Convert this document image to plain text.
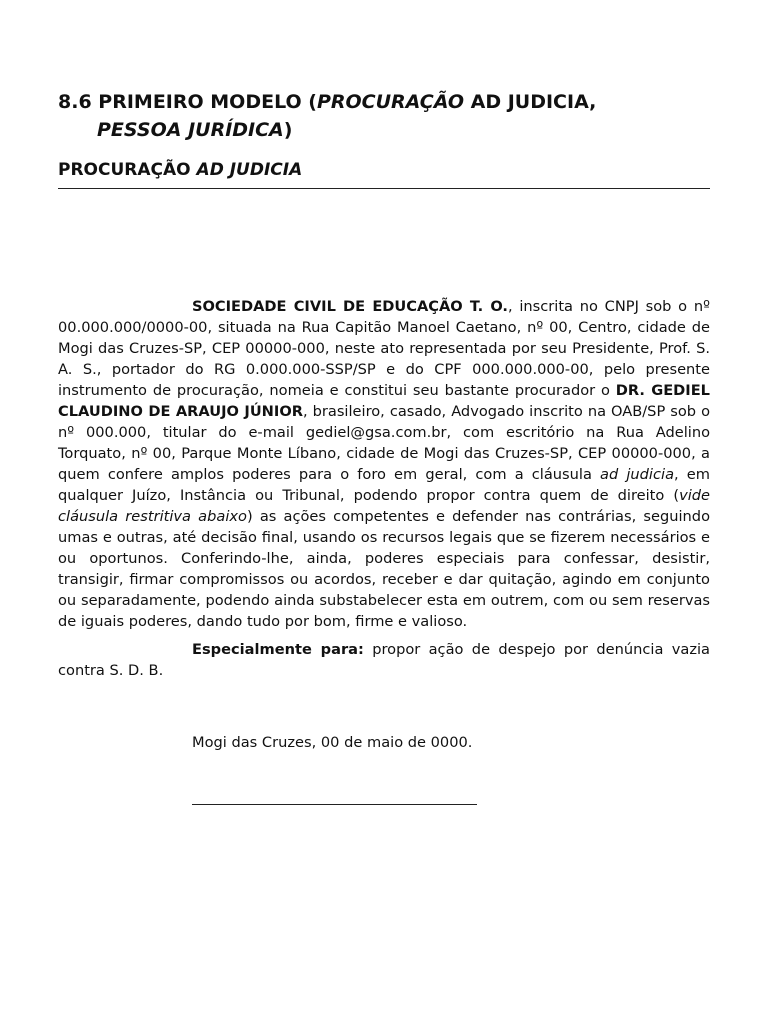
8.6 PRIMEIRO MODELO (PROCURAÇÃO AD JUDICIA,
PESSOA JURÍDICA)
PROCURAÇÃO AD JUDICIA

SOCIEDADE CIVIL DE EDUCAÇÃO T. O., inscrita no CNPJ sob o nº 00.000.000/0000-00, situada na Rua Capitão Manoel Caetano, nº 00, Centro, cidade de Mogi das Cruzes-SP, CEP 00000-000, neste ato representada por seu Presidente, Prof. S. A. S., portador do RG 0.000.000-SSP/SP e do CPF 000.000.000-00, pelo presente instrumento de procuração, nomeia e constitui seu bastante procurador o DR. GEDIEL CLAUDINO DE ARAUJO JÚNIOR, brasileiro, casado, Advogado inscrito na OAB/SP sob o nº 000.000, titular do e-mail gediel@gsa.com.br, com escritório na Rua Adelino Torquato, nº 00, Parque Monte Líbano, cidade de Mogi das Cruzes-SP, CEP 00000-000, a quem confere amplos poderes para o foro em geral, com a cláusula ad judicia, em qualquer Juízo, Instância ou Tribunal, podendo propor contra quem de direito (vide cláusula restritiva abaixo) as ações competentes e defender nas contrárias, seguindo umas e outras, até decisão final, usando os recursos legais que se fizerem necessários e ou oportunos. Conferindo-lhe, ainda, poderes especiais para confessar, desistir, transigir, firmar compromissos ou acordos, receber e dar quitação, agindo em conjunto ou separadamente, podendo ainda substabelecer esta em outrem, com ou sem reservas de iguais poderes, dando tudo por bom, firme e valioso.

Especialmente para: propor ação de despejo por denúncia vazia contra S. D. B.

Mogi das Cruzes, 00 de maio de 0000.
